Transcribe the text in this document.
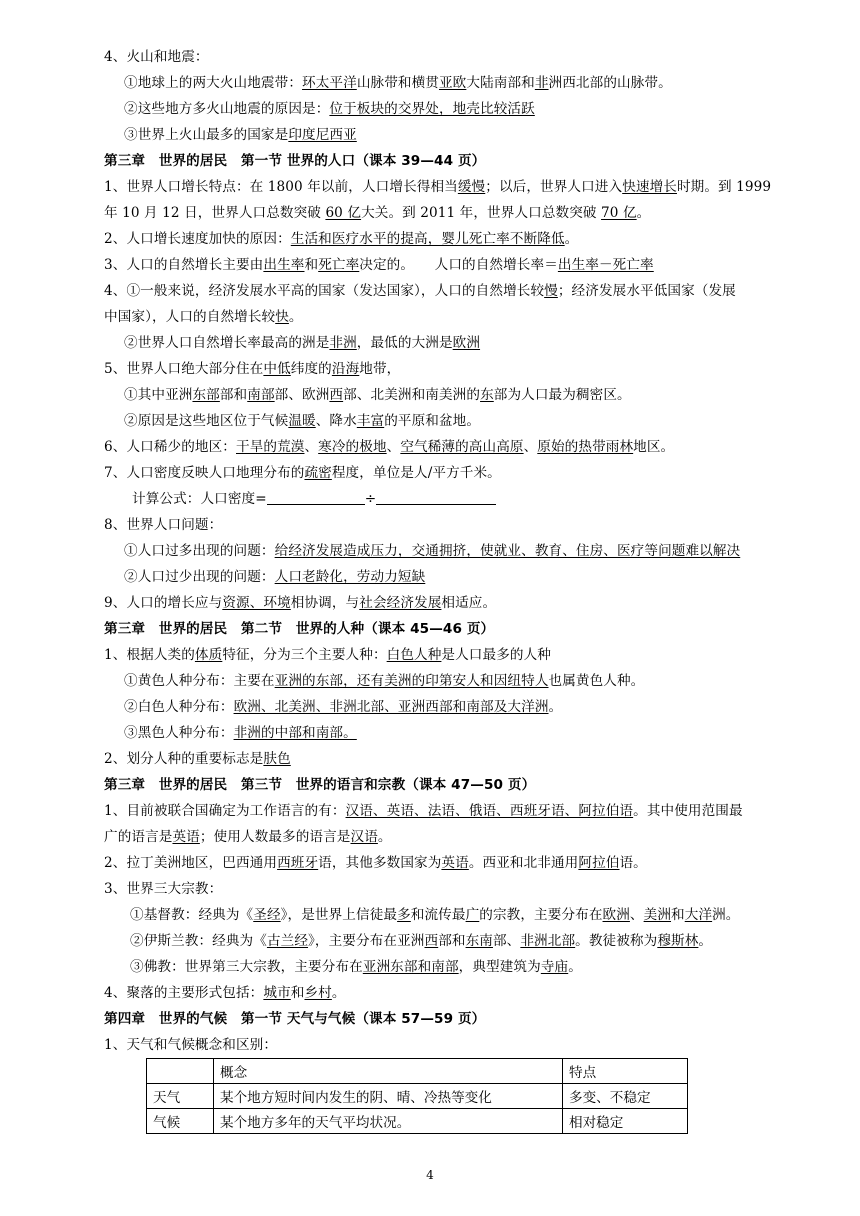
4、火山和地震：
①地球上的两大火山地震带：环太平洋山脉带和横贯亚欧大陆南部和非洲西北部的山脉带。
②这些地方多火山地震的原因是：位于板块的交界处，地壳比较活跃
③世界上火山最多的国家是印度尼西亚
第三章　世界的居民　第一节 世界的人口（课本 39—44 页）
1、世界人口增长特点：在 1800 年以前，人口增长得相当缓慢；以后，世界人口进入快速增长时期。到 1999
年 10 月 12 日，世界人口总数突破 60 亿大关。到 2011 年，世界人口总数突破 70 亿。
2、人口增长速度加快的原因：生活和医疗水平的提高，婴儿死亡率不断降低。
3、人口的自然增长主要由出生率和死亡率决定的。　　人口的自然增长率＝出生率－死亡率
4、①一般来说，经济发展水平高的国家（发达国家），人口的自然增长较慢；经济发展水平低国家（发展
中国家），人口的自然增长较快。
②世界人口自然增长率最高的洲是非洲，最低的大洲是欧洲
5、世界人口绝大部分住在中低纬度的沿海地带，
①其中亚洲东部部和南部部、欧洲西部、北美洲和南美洲的东部为人口最为稠密区。
②原因是这些地区位于气候温暖、降水丰富的平原和盆地。
6、人口稀少的地区：干旱的荒漠、寒冷的极地、空气稀薄的高山高原、原始的热带雨林地区。
7、人口密度反映人口地理分布的疏密程度，单位是人/平方千米。
计算公式：人口密度=	÷
8、世界人口问题：
①人口过多出现的问题：给经济发展造成压力，交通拥挤，使就业、教育、住房、医疗等问题难以解决
②人口过少出现的问题：人口老龄化，劳动力短缺
9、人口的增长应与资源、环境相协调，与社会经济发展相适应。
第三章　世界的居民　第二节　世界的人种（课本 45—46 页）
1、根据人类的体质特征，分为三个主要人种：白色人种是人口最多的人种
①黄色人种分布：主要在亚洲的东部，还有美洲的印第安人和因纽特人也属黄色人种。
②白色人种分布：欧洲、北美洲、非洲北部、亚洲西部和南部及大洋洲。
③黑色人种分布：非洲的中部和南部。
2、划分人种的重要标志是肤色
第三章　世界的居民　第三节　世界的语言和宗教（课本 47—50 页）
1、目前被联合国确定为工作语言的有：汉语、英语、法语、俄语、西班牙语、阿拉伯语。其中使用范围最
广的语言是英语；使用人数最多的语言是汉语。
2、拉丁美洲地区，巴西通用西班牙语，其他多数国家为英语。西亚和北非通用阿拉伯语。
3、世界三大宗教：
①基督教：经典为《圣经》，是世界上信徒最多和流传最广的宗教，主要分布在欧洲、美洲和大洋洲。
②伊斯兰教：经典为《古兰经》，主要分布在亚洲西部和东南部、非洲北部。教徒被称为穆斯林。
③佛教：世界第三大宗教，主要分布在亚洲东部和南部，典型建筑为寺庙。
4、聚落的主要形式包括：城市和乡村。
第四章　世界的气候　第一节 天气与气候（课本 57—59 页）
1、天气和气候概念和区别：
	概念	特点
天气	某个地方短时间内发生的阴、晴、冷热等变化	多变、不稳定
气候	某个地方多年的天气平均状况。	相对稳定
4
